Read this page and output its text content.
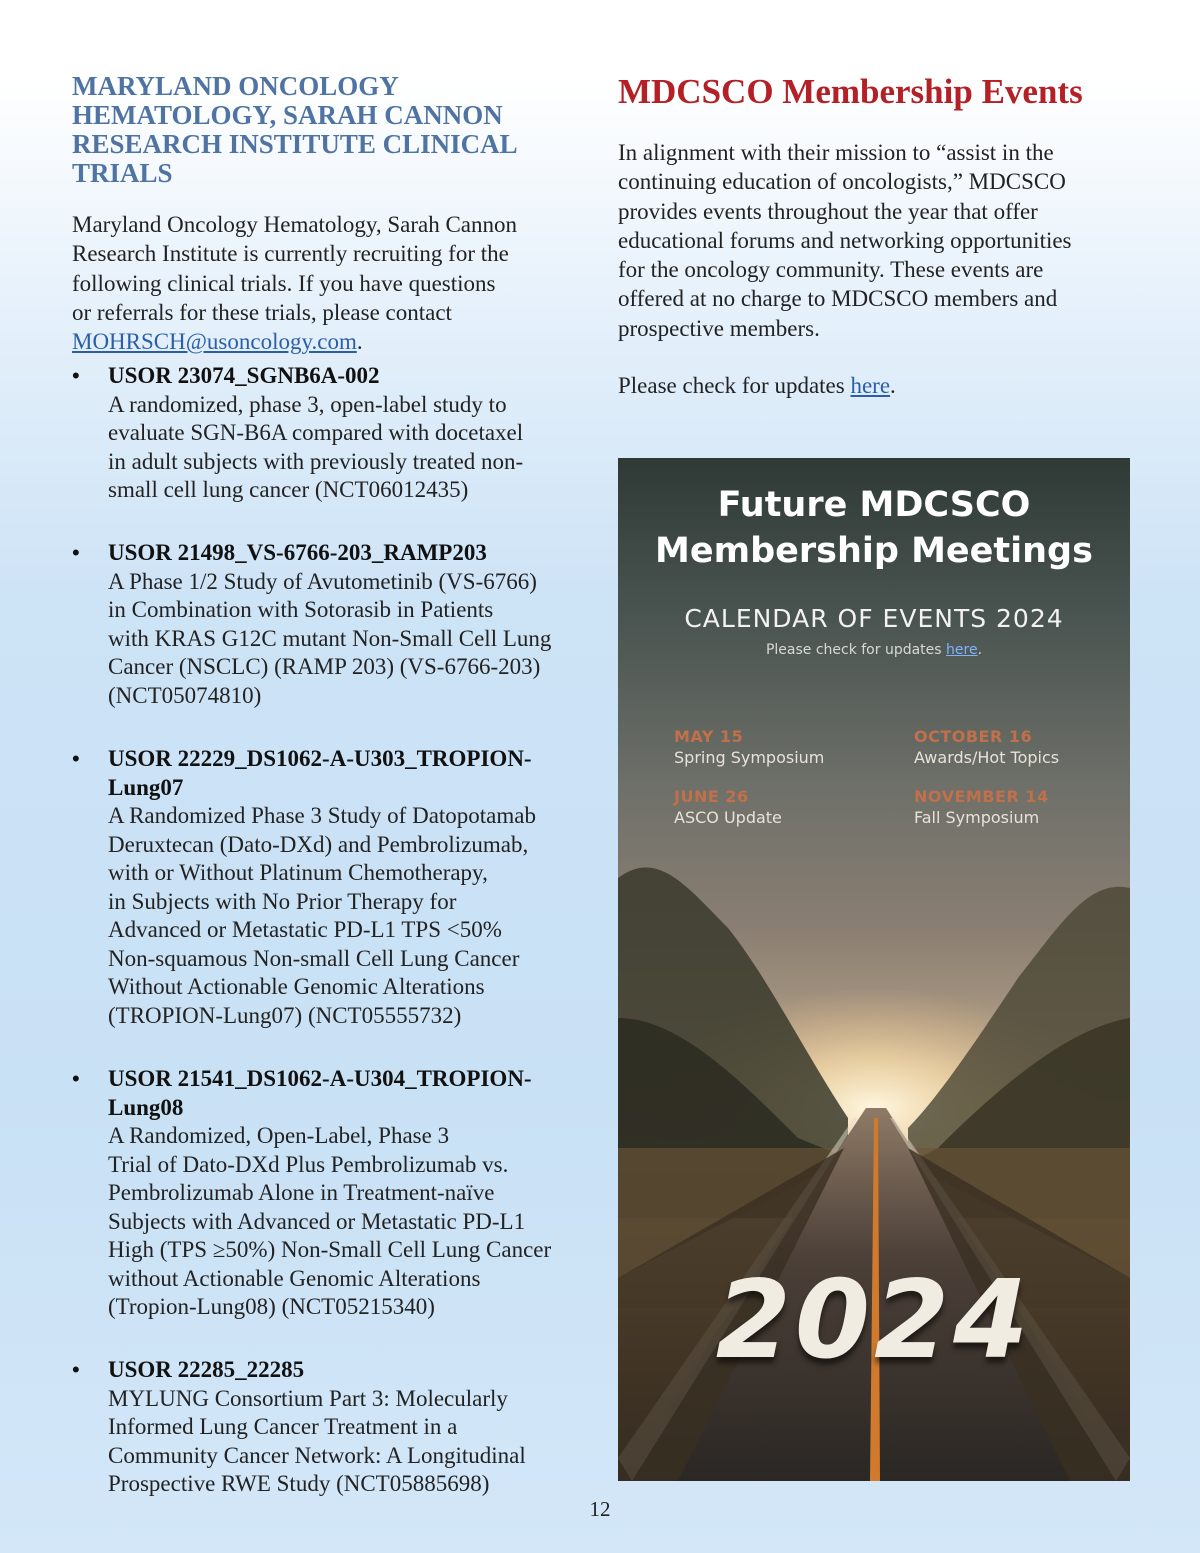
MARYLAND ONCOLOGY
HEMATOLOGY, SARAH CANNON
RESEARCH INSTITUTE CLINICAL TRIALS
Maryland Oncology Hematology, Sarah Cannon
Research Institute is currently recruiting for the
following clinical trials. If you have questions
or referrals for these trials, please contact
MOHRSCH@usoncology.com.
• USOR 23074_SGNB6A-002
A randomized, phase 3, open-label study to
evaluate SGN-B6A compared with docetaxel
in adult subjects with previously treated non-
small cell lung cancer (NCT06012435)
• USOR 21498_VS-6766-203_RAMP203
A Phase 1/2 Study of Avutometinib (VS-6766)
in Combination with Sotorasib in Patients
with KRAS G12C mutant Non-Small Cell Lung
Cancer (NSCLC) (RAMP 203) (VS-6766-203)
(NCT05074810)
• USOR 22229_DS1062-A-U303_TROPION-
Lung07
A Randomized Phase 3 Study of Datopotamab
Deruxtecan (Dato-DXd) and Pembrolizumab,
with or Without Platinum Chemotherapy,
in Subjects with No Prior Therapy for
Advanced or Metastatic PD-L1 TPS <50%
Non-squamous Non-small Cell Lung Cancer
Without Actionable Genomic Alterations
(TROPION-Lung07) (NCT05555732)
• USOR 21541_DS1062-A-U304_TROPION-
Lung08
A Randomized, Open-Label, Phase 3
Trial of Dato-DXd Plus Pembrolizumab vs.
Pembrolizumab Alone in Treatment-naïve
Subjects with Advanced or Metastatic PD-L1
High (TPS ≥50%) Non-Small Cell Lung Cancer
without Actionable Genomic Alterations
(Tropion-Lung08) (NCT05215340)
• USOR 22285_22285
MYLUNG Consortium Part 3: Molecularly
Informed Lung Cancer Treatment in a
Community Cancer Network: A Longitudinal
Prospective RWE Study (NCT05885698)
MDCSCO Membership Events
In alignment with their mission to “assist in the
continuing education of oncologists,” MDCSCO
provides events throughout the year that offer
educational forums and networking opportunities
for the oncology community. These events are
offered at no charge to MDCSCO members and
prospective members.
Please check for updates here.
Future MDCSCO
Membership Meetings
CALENDAR OF EVENTS 2024
Please check for updates here.
MAY 15
Spring Symposium
OCTOBER 16
Awards/Hot Topics
JUNE 26
ASCO Update
NOVEMBER 14
Fall Symposium
2024
12
